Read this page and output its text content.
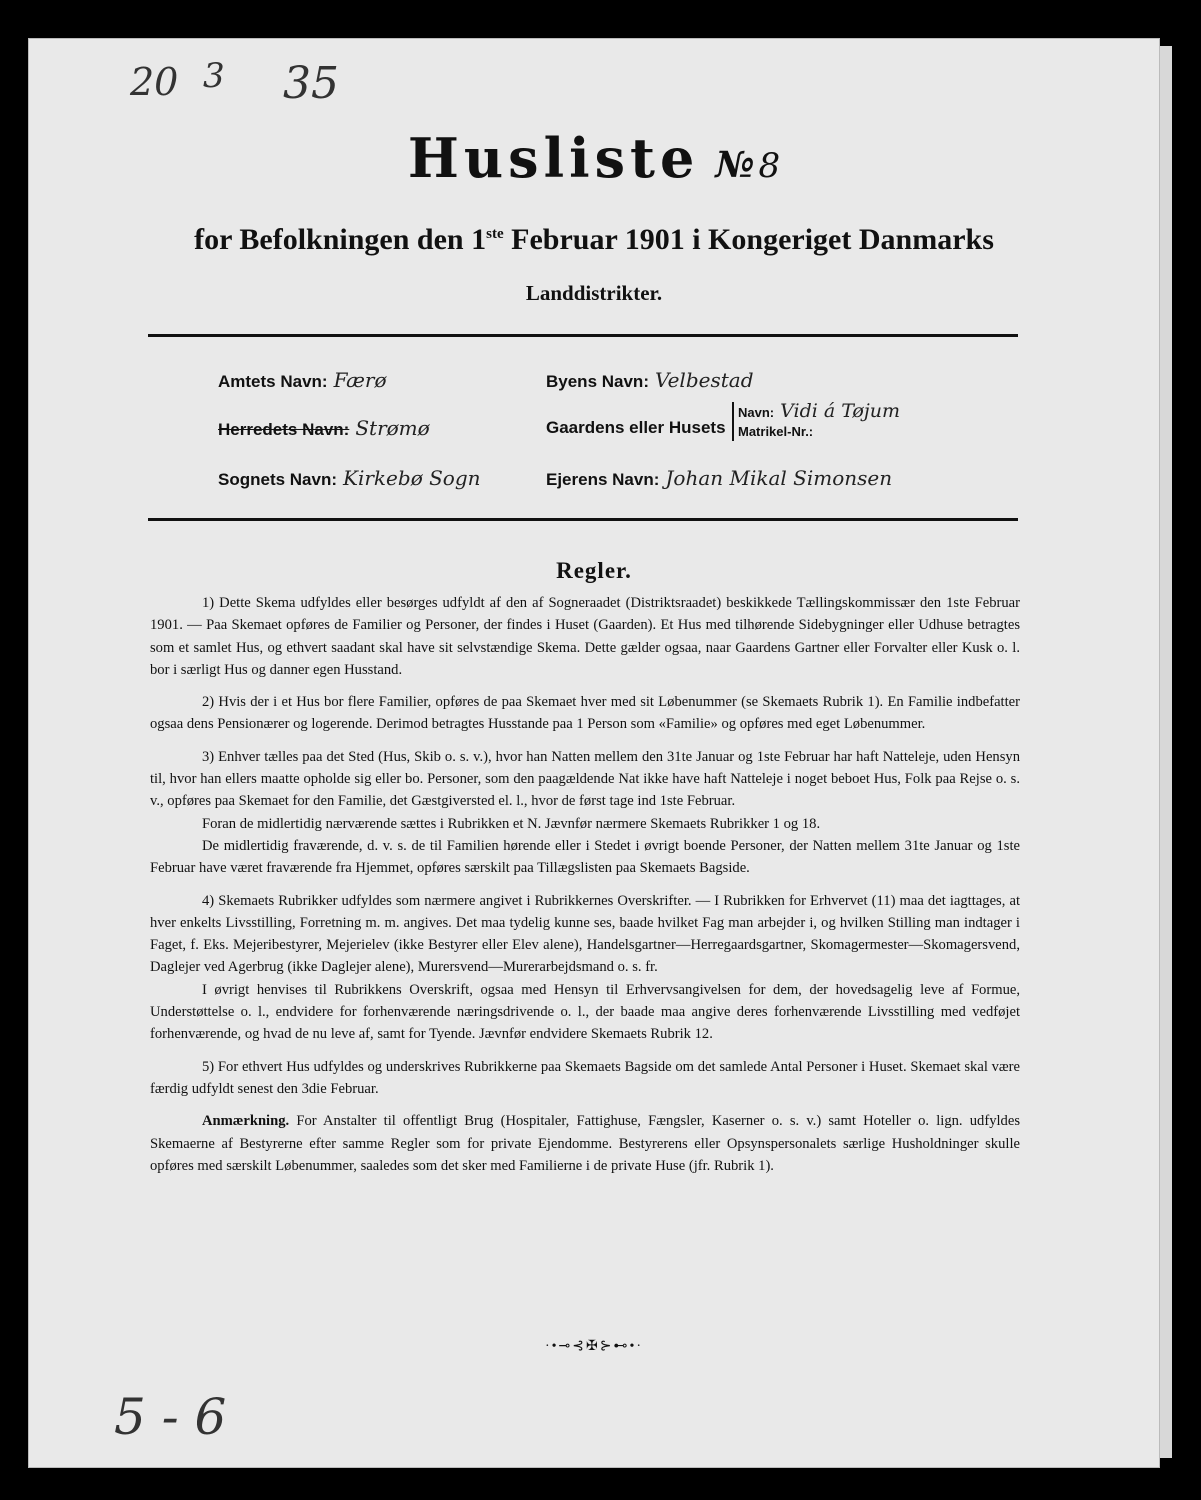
20 3 35
Husliste № 8
for Befolkningen den 1ste Februar 1901 i Kongeriget Danmarks
Landdistrikter.
Amtets Navn: Færø
Herredets Navn: Strømø
Sognets Navn: Kirkebø Sogn
Byens Navn: Velbestad
Gaardens eller Husets
Navn: Vidi á Tøjum
Matrikel-Nr.:
Ejerens Navn: Johan Mikal Simonsen
Regler.

1) Dette Skema udfyldes eller besørges udfyldt af den af Sogneraadet (Distriktsraadet) beskikkede Tællingskommissær den 1ste Februar 1901. — Paa Skemaet opføres de Familier og Personer, der findes i Huset (Gaarden). Et Hus med tilhørende Sidebygninger eller Udhuse betragtes som et samlet Hus, og ethvert saadant skal have sit selvstændige Skema. Dette gælder ogsaa, naar Gaardens Gartner eller Forvalter eller Kusk o. l. bor i særligt Hus og danner egen Husstand.

2) Hvis der i et Hus bor flere Familier, opføres de paa Skemaet hver med sit Løbenummer (se Skemaets Rubrik 1). En Familie indbefatter ogsaa dens Pensionærer og logerende. Derimod betragtes Husstande paa 1 Person som «Familie» og opføres med eget Løbenummer.

3) Enhver tælles paa det Sted (Hus, Skib o. s. v.), hvor han Natten mellem den 31te Januar og 1ste Februar har haft Natteleje, uden Hensyn til, hvor han ellers maatte opholde sig eller bo. Personer, som den paagældende Nat ikke have haft Natteleje i noget beboet Hus, Folk paa Rejse o. s. v., opføres paa Skemaet for den Familie, det Gæstgiversted el. l., hvor de først tage ind 1ste Februar.

Foran de midlertidig nærværende sættes i Rubrikken et N. Jævnfør nærmere Skemaets Rubrikker 1 og 18.

De midlertidig fraværende, d. v. s. de til Familien hørende eller i Stedet i øvrigt boende Personer, der Natten mellem 31te Januar og 1ste Februar have været fraværende fra Hjemmet, opføres særskilt paa Tillægslisten paa Skemaets Bagside.

4) Skemaets Rubrikker udfyldes som nærmere angivet i Rubrikkernes Overskrifter. — I Rubrikken for Erhvervet (11) maa det iagttages, at hver enkelts Livsstilling, Forretning m. m. angives. Det maa tydelig kunne ses, baade hvilket Fag man arbejder i, og hvilken Stilling man indtager i Faget, f. Eks. Mejeribestyrer, Mejerielev (ikke Bestyrer eller Elev alene), Handelsgartner—Herregaardsgartner, Skomagermester—Skomagersvend, Daglejer ved Agerbrug (ikke Daglejer alene), Murersvend—Murerarbejdsmand o. s. fr.

I øvrigt henvises til Rubrikkens Overskrift, ogsaa med Hensyn til Erhvervsangivelsen for dem, der hovedsagelig leve af Formue, Understøttelse o. l., endvidere for forhenværende næringsdrivende o. l., der baade maa angive deres forhenværende Livsstilling med vedføjet forhenværende, og hvad de nu leve af, samt for Tyende. Jævnfør endvidere Skemaets Rubrik 12.

5) For ethvert Hus udfyldes og underskrives Rubrikkerne paa Skemaets Bagside om det samlede Antal Personer i Huset. Skemaet skal være færdig udfyldt senest den 3die Februar.

Anmærkning. For Anstalter til offentligt Brug (Hospitaler, Fattighuse, Fængsler, Kaserner o. s. v.) samt Hoteller o. lign. udfyldes Skemaerne af Bestyrerne efter samme Regler som for private Ejendomme. Bestyrerens eller Opsynspersonalets særlige Husholdninger skulle opføres med særskilt Løbenummer, saaledes som det sker med Familierne i de private Huse (jfr. Rubrik 1).

·•⊸⊰✠⊱⊷•·
5 - 6
